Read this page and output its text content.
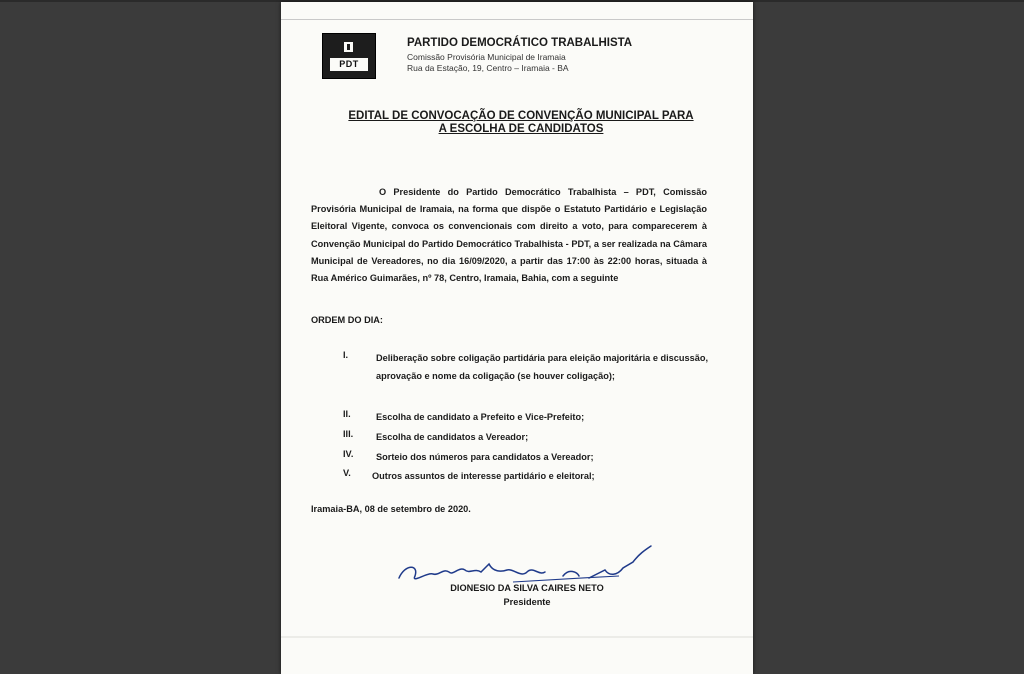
PDT
PARTIDO DEMOCRÁTICO TRABALHISTA
Comissão Provisória Municipal de Iramaia
Rua da Estação, 19, Centro – Iramaia - BA
EDITAL DE CONVOCAÇÃO DE CONVENÇÃO MUNICIPAL PARA
A ESCOLHA DE CANDIDATOS
O Presidente do Partido Democrático Trabalhista – PDT, Comissão Provisória Municipal de Iramaia, na forma que dispõe o Estatuto Partidário e Legislação Eleitoral Vigente, convoca os convencionais com direito a voto, para comparecerem à Convenção Municipal do Partido Democrático Trabalhista - PDT, a ser realizada na Câmara Municipal de Vereadores, no dia 16/09/2020, a partir das 17:00 às 22:00 horas, situada à Rua Américo Guimarães, nº 78, Centro, Iramaia, Bahia, com a seguinte
ORDEM DO DIA:
I.	Deliberação sobre coligação partidária para eleição majoritária e discussão, aprovação e nome da coligação (se houver coligação);
II.	Escolha de candidato a Prefeito e Vice-Prefeito;
III. Escolha de candidatos a Vereador;
IV. Sorteio dos números para candidatos a Vereador;
V. Outros assuntos de interesse partidário e eleitoral;
Iramaia-BA, 08 de setembro de 2020.
DIONESIO DA SILVA CAIRES NETO
Presidente
